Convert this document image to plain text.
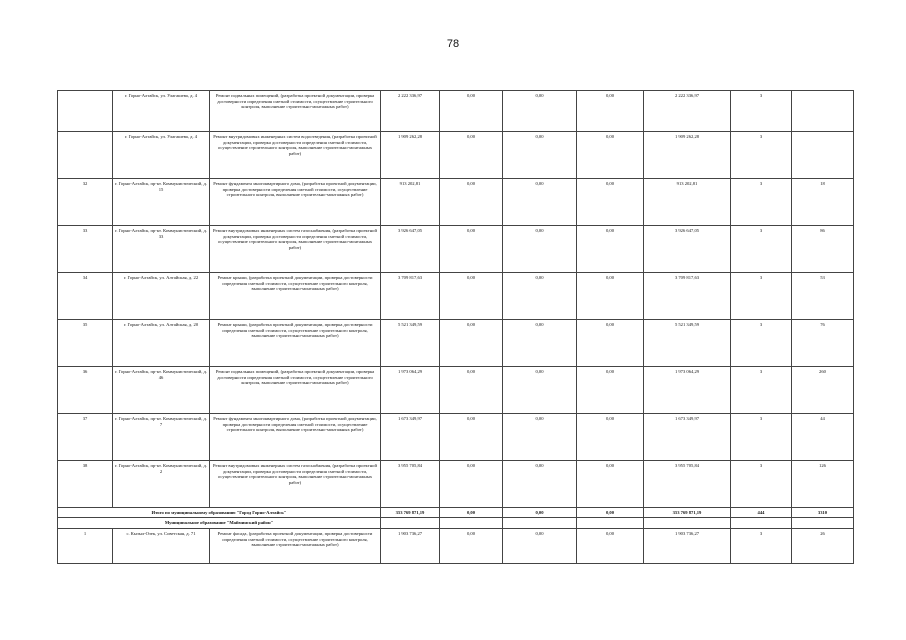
78
	г. Горно-Алтайск, ул. Улагашева, д. 4	Ремонт подвальных помещений, (разработка проектной документации, проверка достоверности определения сметной стоимости, осуществление строительного контроля, выполнение строительно-монтажных работ)	2 222 336,97	0,00	0,00	0,00	2 222 336,97	3	
	г. Горно-Алтайск, ул. Улагашева, д. 4	Ремонт внутридомовых инженерных систем водоотведения, (разработка проектной документации, проверка достоверности определения сметной стоимости, осуществление строительного контроля, выполнение строительно-монтажных работ)	1 909 262,28	0,00	0,00	0,00	1 909 262,28	3	
32	г. Горно-Алтайск, пр-кт. Коммунистический, д. 15	Ремонт фундамента многоквартирного дома, (разработка проектной документации, проверка достоверности определения сметной стоимости, осуществление строительного контроля, выполнение строительно-монтажных работ)	913 202,81	0,00	0,00	0,00	913 202,81	3	18
33	г. Горно-Алтайск, пр-кт. Коммунистический, д. 33	Ремонт внутридомовых инженерных систем газоснабжения, (разработка проектной документации, проверка достоверности определения сметной стоимости, осуществление строительного контроля, выполнение строительно-монтажных работ)	3 926 647,05	0,00	0,00	0,00	3 926 647,05	3	86
34	г. Горно-Алтайск, ул. Алтайская, д. 22	Ремонт крыши, (разработка проектной документации, проверка достоверности определения сметной стоимости, осуществление строительного контроля, выполнение строительно-монтажных работ)	3 709 817,63	0,00	0,00	0,00	3 709 817,63	3	53
35	г. Горно-Алтайск, ул. Алтайская, д. 20	Ремонт крыши, (разработка проектной документации, проверка достоверности определения сметной стоимости, осуществление строительного контроля, выполнение строительно-монтажных работ)	5 521 349,59	0,00	0,00	0,00	5 521 349,59	3	76
36	г. Горно-Алтайск, пр-кт. Коммунистический, д. 46	Ремонт подвальных помещений, (разработка проектной документации, проверка достоверности определения сметной стоимости, осуществление строительного контроля, выполнение строительно-монтажных работ)	1 973 064,29	0,00	0,00	0,00	1 973 064,29	3	260
37	г. Горно-Алтайск, пр-кт. Коммунистический, д. 7	Ремонт фундамента многоквартирного дома, (разработка проектной документации, проверка достоверности определения сметной стоимости, осуществление строительного контроля, выполнение строительно-монтажных работ)	1 673 349,97	0,00	0,00	0,00	1 673 349,97	3	44
38	г. Горно-Алтайск, пр-кт. Коммунистический, д. 2	Ремонт внутридомовых инженерных систем газоснабжения, (разработка проектной документации, проверка достоверности определения сметной стоимости, осуществление строительного контроля, выполнение строительно-монтажных работ)	3 955 705,84	0,00	0,00	0,00	3 955 705,84	3	126
Итого по муниципальному образованию "Город Горно-Алтайск"			353 769 871,19	0,00	0,00	0,00	353 769 871,19	444	3310
Муниципальное образование "Майминский район"									
1	с. Кызыл-Озек, ул. Советская, д. 71	Ремонт фасада, (разработка проектной документации, проверка достоверности определения сметной стоимости, осуществление строительного контроля, выполнение строительно-монтажных работ)	1 903 736,27	0,00	0,00	0,00	1 903 736,27	3	26
